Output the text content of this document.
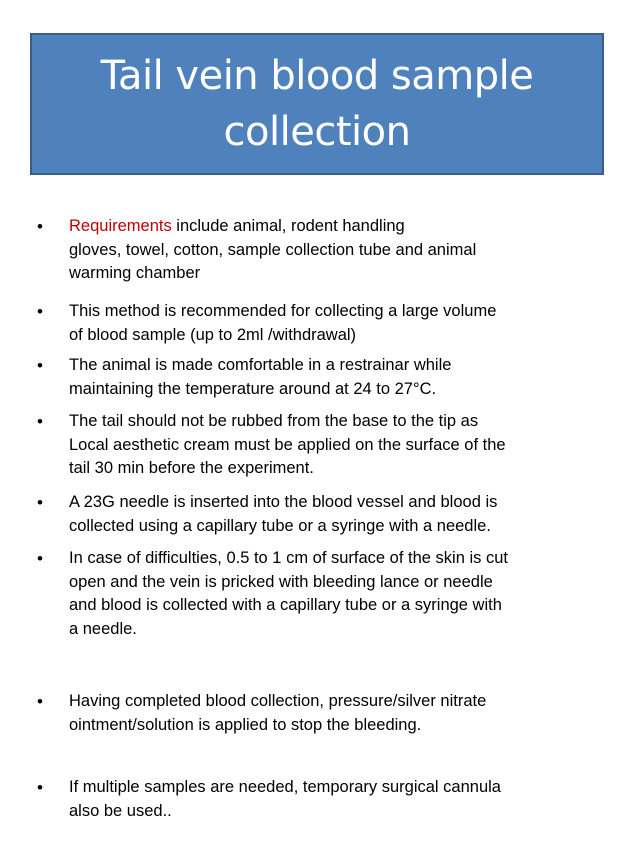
Tail vein blood sample
collection
• Requirements include animal, rodent handling
gloves, towel, cotton, sample collection tube and animal
warming chamber
• This method is recommended for collecting a large volume
of blood sample (up to 2ml /withdrawal)
• The animal is made comfortable in a restrainar while
maintaining the temperature around at 24 to 27°C.
• The tail should not be rubbed from the base to the tip as
Local aesthetic cream must be applied on the surface of the
tail 30 min before the experiment.
• A 23G needle is inserted into the blood vessel and blood is
collected using a capillary tube or a syringe with a needle.
• In case of difficulties, 0.5 to 1 cm of surface of the skin is cut
open and the vein is pricked with bleeding lance or needle
and blood is collected with a capillary tube or a syringe with
a needle.
• Having completed blood collection, pressure/silver nitrate
ointment/solution is applied to stop the bleeding.
• If multiple samples are needed, temporary surgical cannula
also be used..
